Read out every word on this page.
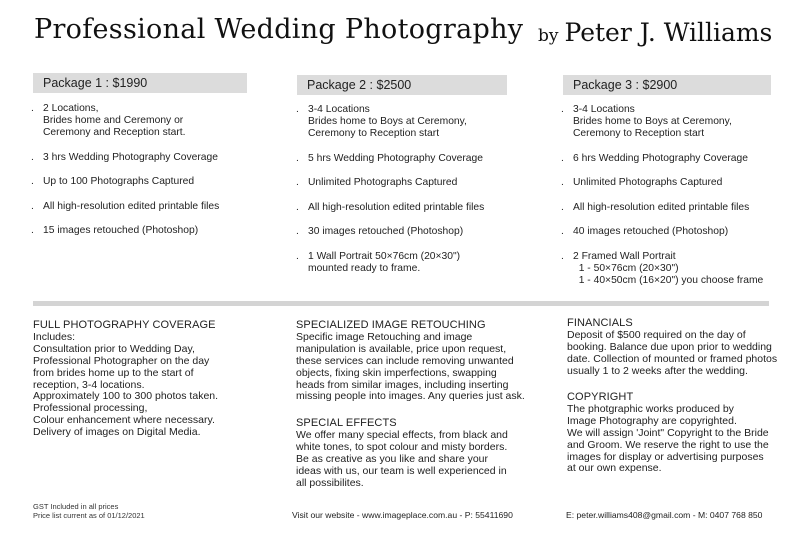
Professional Wedding Photography by Peter J. Williams
Package 1 : $1990	Package 2 : $2500	Package 3 : $2900
. 2 Locations,
Brides home and Ceremony or
Ceremony and Reception start.
. 3 hrs Wedding Photography Coverage
. Up to 100 Photographs Captured
. All high-resolution edited printable files
. 15 images retouched (Photoshop)
. 3-4 Locations
Brides home to Boys at Ceremony,
Ceremony to Reception start
. 5 hrs Wedding Photography Coverage
. Unlimited Photographs Captured
. All high-resolution edited printable files
. 30 images retouched (Photoshop)
. 1 Wall Portrait 50×76cm (20×30")
mounted ready to frame.
. 3-4 Locations
Brides home to Boys at Ceremony,
Ceremony to Reception start
. 6 hrs Wedding Photography Coverage
. Unlimited Photographs Captured
. All high-resolution edited printable files
. 40 images retouched (Photoshop)
. 2 Framed Wall Portrait
1 - 50×76cm (20×30")
1 - 40×50cm (16×20") you choose frame
FULL PHOTOGRAPHY COVERAGE
Includes:
Consultation prior to Wedding Day,
Professional Photographer on the day
from brides home up to the start of
reception, 3-4 locations.
Approximately 100 to 300 photos taken.
Professional processing,
Colour enhancement where necessary.
Delivery of images on Digital Media.
SPECIALIZED IMAGE RETOUCHING
Specific image Retouching and image
manipulation is available, price upon request,
these services can include removing unwanted
objects, fixing skin imperfections, swapping
heads from similar images, including inserting
missing people into images. Any queries just ask.
SPECIAL EFFECTS
We offer many special effects, from black and
white tones, to spot colour and misty borders.
Be as creative as you like and share your
ideas with us, our team is well experienced in
all possibilites.
FINANCIALS
Deposit of $500 required on the day of
booking. Balance due upon prior to wedding
date. Collection of mounted or framed photos
usually 1 to 2 weeks after the wedding.
COPYRIGHT
The photgraphic works produced by
Image Photography are copyrighted.
We will assign 'Joint" Copyright to the Bride
and Groom. We reserve the right to use the
images for display or advertising purposes
at our own expense.
GST Included in all prices
Price list current as of 01/12/2021	Visit our website - www.imageplace.com.au - P: 55411690	E: peter.williams408@gmail.com - M: 0407 768 850
